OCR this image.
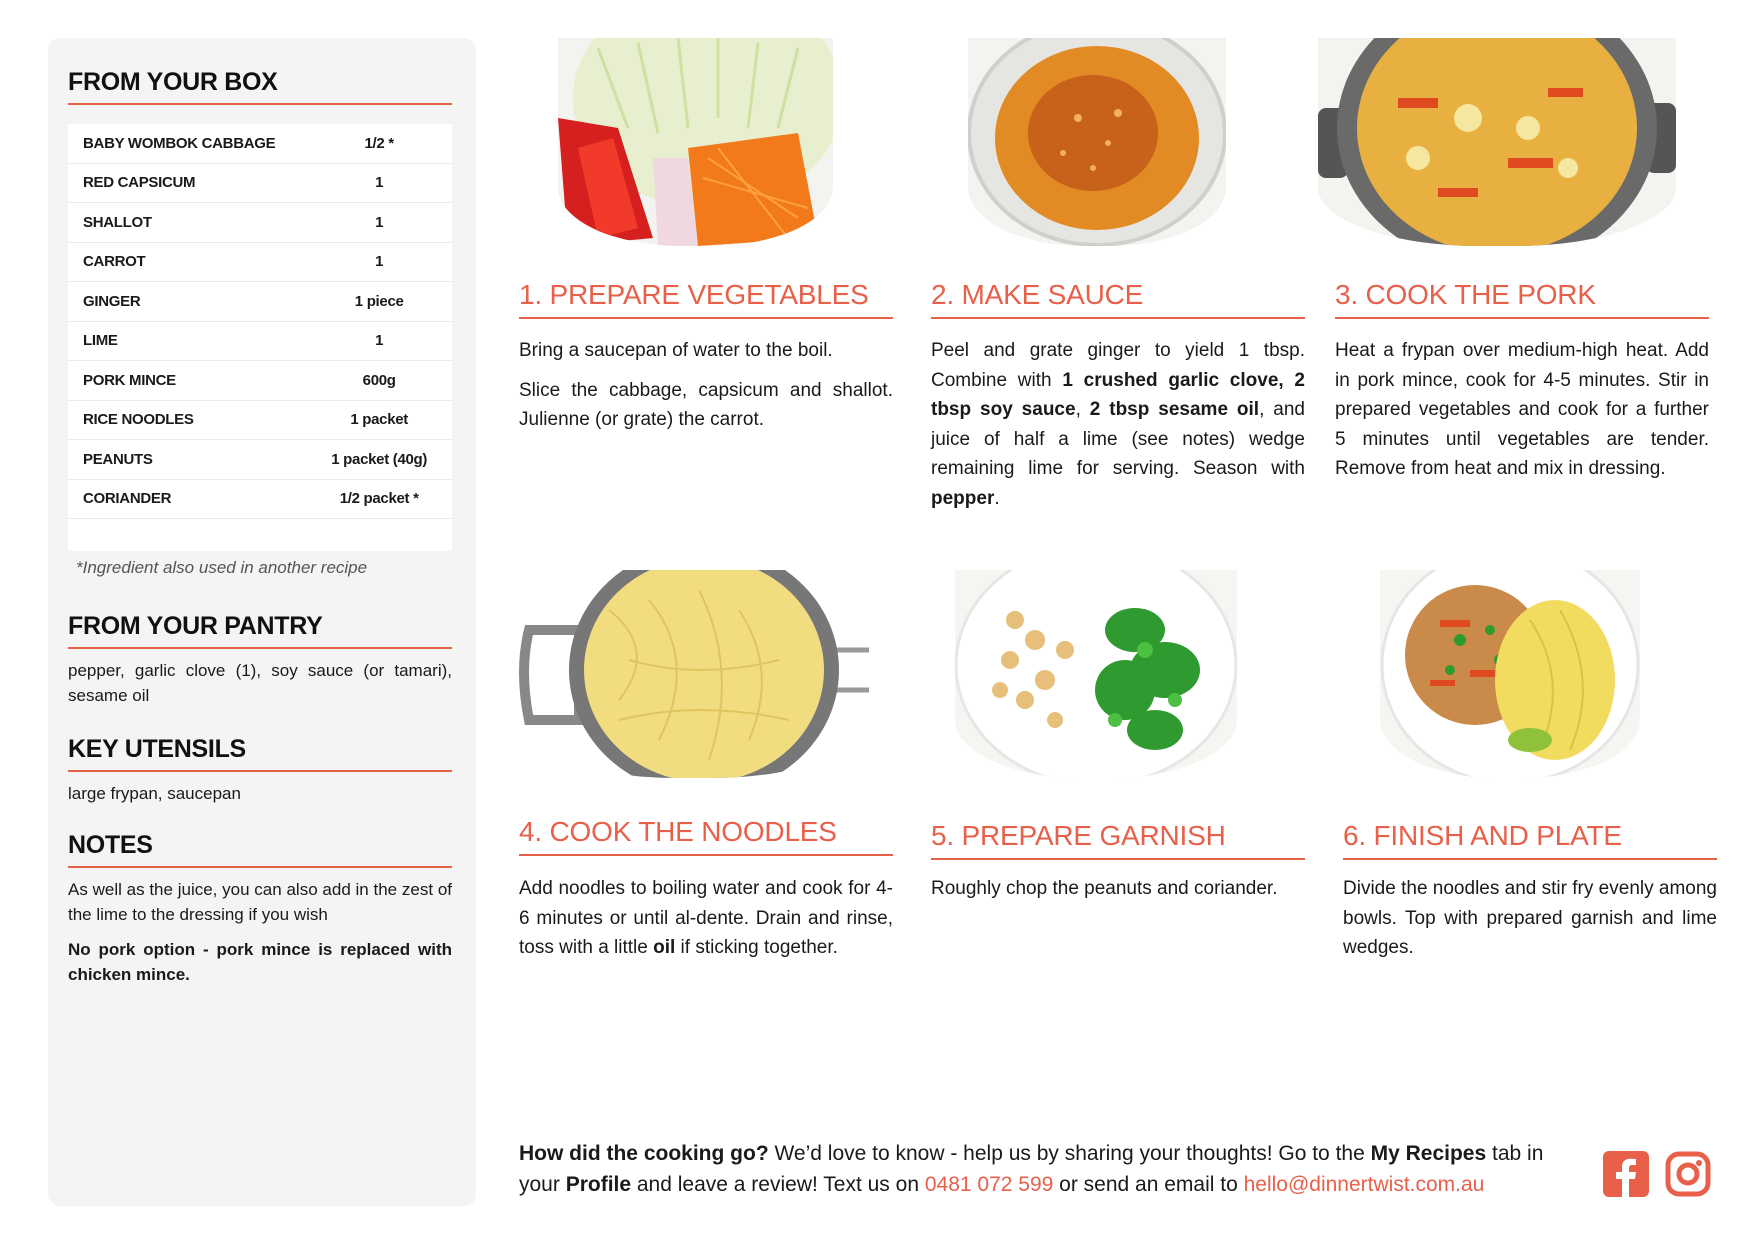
FROM YOUR BOX
BABY WOMBOK CABBAGE	1/2 *
RED CAPSICUM	1
SHALLOT	1
CARROT	1
GINGER	1 piece
LIME	1
PORK MINCE	600g
RICE NOODLES	1 packet
PEANUTS	1 packet (40g)
CORIANDER	1/2 packet *
*Ingredient also used in another recipe
FROM YOUR PANTRY
pepper, garlic clove (1), soy sauce (or tamari), sesame oil
KEY UTENSILS
large frypan, saucepan
NOTES
As well as the juice, you can also add in the zest of the lime to the dressing if you wish
No pork option - pork mince is replaced with chicken mince.
1. PREPARE VEGETABLES

Bring a saucepan of water to the boil.

Slice the cabbage, capsicum and shallot. Julienne (or grate) the carrot.

2. MAKE SAUCE

Peel and grate ginger to yield 1 tbsp. Combine with 1 crushed garlic clove, 2 tbsp soy sauce, 2 tbsp sesame oil, and juice of half a lime (see notes) wedge remaining lime for serving. Season with pepper.

3. COOK THE PORK

Heat a frypan over medium-high heat. Add in pork mince, cook for 4-5 minutes. Stir in prepared vegetables and cook for a further 5 minutes until vegetables are tender. Remove from heat and mix in dressing.

4. COOK THE NOODLES

Add noodles to boiling water and cook for 4-6 minutes or until al-dente. Drain and rinse, toss with a little oil if sticking together.

5. PREPARE GARNISH

Roughly chop the peanuts and coriander.

6. FINISH AND PLATE

Divide the noodles and stir fry evenly among bowls. Top with prepared garnish and lime wedges.

How did the cooking go? We’d love to know - help us by sharing your thoughts! Go to the My Recipes tab in your Profile and leave a review! Text us on 0481 072 599 or send an email to hello@dinnertwist.com.au
